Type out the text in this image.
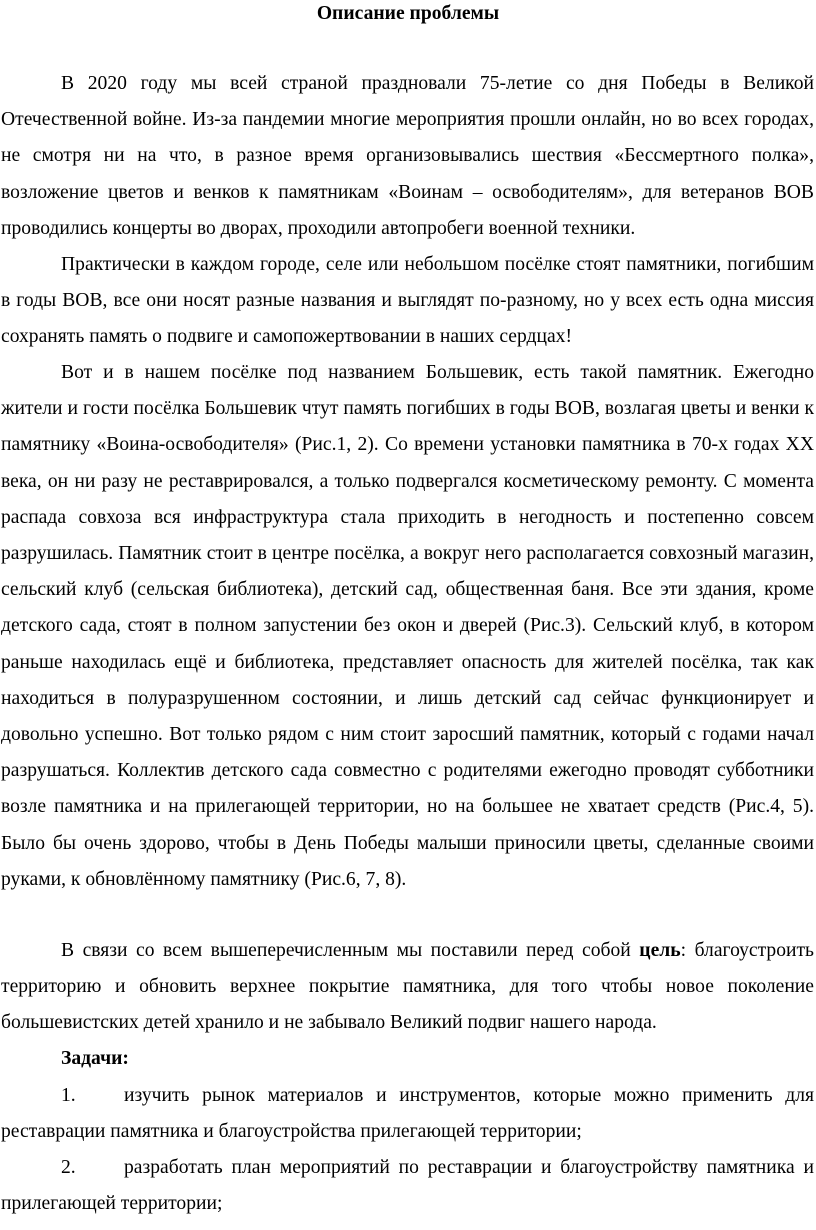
Описание проблемы

В 2020 году мы всей страной праздновали 75-летие со дня Победы в Великой Отечественной войне. Из-за пандемии многие мероприятия прошли онлайн, но во всех городах, не смотря ни на что, в разное время организовывались шествия «Бессмертного полка», возложение цветов и венков к памятникам «Воинам – освободителям», для ветеранов ВОВ проводились концерты во дворах, проходили автопробеги военной техники.

Практически в каждом городе, селе или небольшом посёлке стоят памятники, погибшим в годы ВОВ, все они носят разные названия и выглядят по-разному, но у всех есть одна миссия сохранять память о подвиге и самопожертвовании в наших сердцах!

Вот и в нашем посёлке под названием Большевик, есть такой памятник. Ежегодно жители и гости посёлка Большевик чтут память погибших в годы ВОВ, возлагая цветы и венки к памятнику «Воина-освободителя» (Рис.1, 2). Со времени установки памятника в 70-х годах XX века, он ни разу не реставрировался, а только подвергался косметическому ремонту. С момента распада совхоза вся инфраструктура стала приходить в негодность и постепенно совсем разрушилась. Памятник стоит в центре посёлка, а вокруг него располагается совхозный магазин, сельский клуб (сельская библиотека), детский сад, общественная баня. Все эти здания, кроме детского сада, стоят в полном запустении без окон и дверей (Рис.3). Сельский клуб, в котором раньше находилась ещё и библиотека, представляет опасность для жителей посёлка, так как находиться в полуразрушенном состоянии, и лишь детский сад сейчас функционирует и довольно успешно. Вот только рядом с ним стоит заросший памятник, который с годами начал разрушаться. Коллектив детского сада совместно с родителями ежегодно проводят субботники возле памятника и на прилегающей территории, но на большее не хватает средств (Рис.4, 5). Было бы очень здорово, чтобы в День Победы малыши приносили цветы, сделанные своими руками, к обновлённому памятнику (Рис.6, 7, 8).

В связи со всем вышеперечисленным мы поставили перед собой цель: благоустроить территорию и обновить верхнее покрытие памятника, для того чтобы новое поколение большевистских детей хранило и не забывало Великий подвиг нашего народа.

Задачи:

1. изучить рынок материалов и инструментов, которые можно применить для реставрации памятника и благоустройства прилегающей территории;

2. разработать план мероприятий по реставрации и благоустройству памятника и прилегающей территории;
